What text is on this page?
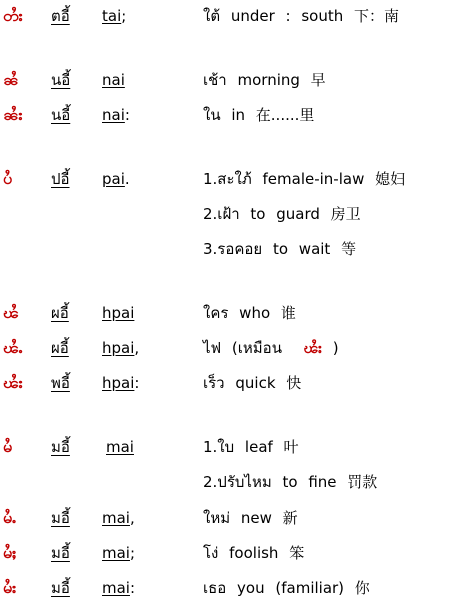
တႆး ตอี้ tai;	ใต้ under : south 下：南
ၼႆ นอี้ nai	เช้า morning 早
ၼႆး นอี้ nai:	ใน in 在......里
ပႆ	ปอี้ pai.	1.สะใภ้ female-in-law 媳妇
2.เฝ้า to guard 房卫
3.รอคอย to wait 等
ၽႆ ผอี้ hpai	ใคร who 谁
ၽႆႉ ผอี้ hpai,	ไฟ (เหมือน ၽႆး )
ၽႆး พอี้ hpai:	เร็ว quick 快
မႆ	มอี้ mai	1.ใบ leaf 叶
2.ปรับไหม to fine 罚款
မႆႉ มอี้ mai,	ใหม่ new 新
မႆႈ มอี้ mai;	โง่ foolish 笨
မႆး มอี้ mai:	เธอ you (familiar) 你
